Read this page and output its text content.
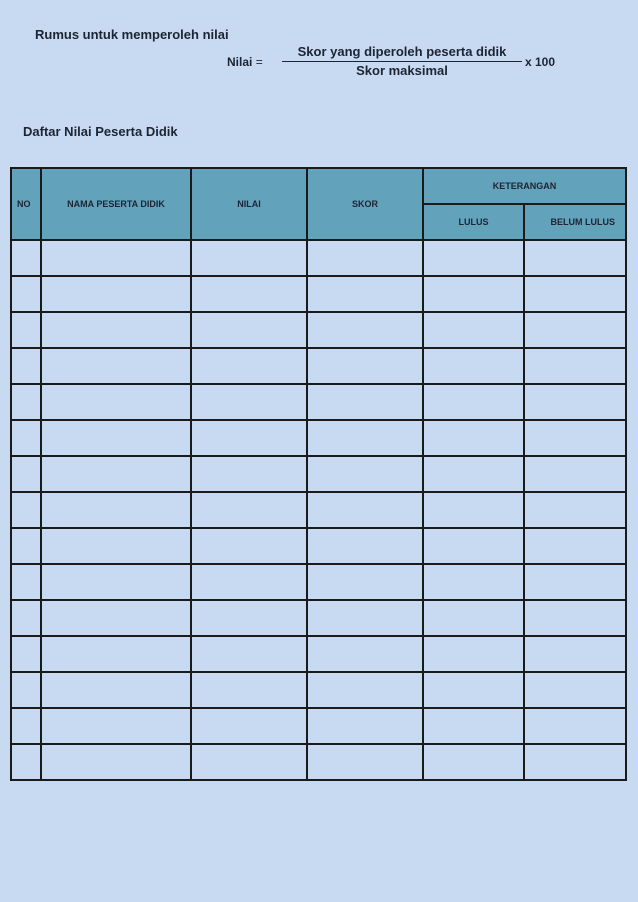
Rumus untuk memperoleh nilai
Nilai =
Skor yang diperoleh peserta didik
Skor maksimal
x 100
Daftar Nilai Peserta Didik
NO	NAMA PESERTA DIDIK	NILAI	SKOR	KETERANGAN	
				LULUS	BELUM LULUS
